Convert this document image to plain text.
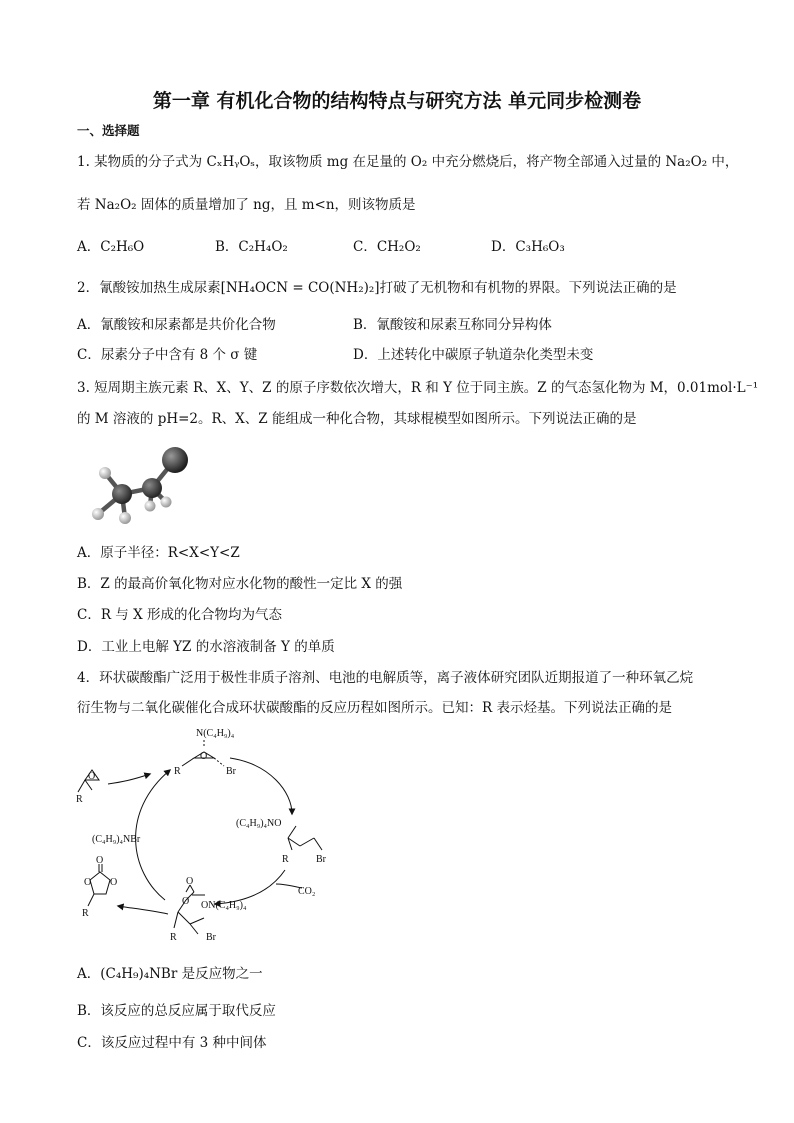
第一章 有机化合物的结构特点与研究方法 单元同步检测卷
一、选择题
1. 某物质的分子式为 CₓHᵧOₛ，取该物质 mg 在足量的 O₂ 中充分燃烧后，将产物全部通入过量的 Na₂O₂ 中，
若 Na₂O₂ 固体的质量增加了 ng，且 m<n，则该物质是
A．C₂H₆O	B．C₂H₄O₂	C．CH₂O₂	D．C₃H₆O₃
2．氰酸铵加热生成尿素[NH₄OCN = CO(NH₂)₂]打破了无机物和有机物的界限。下列说法正确的是
A．氰酸铵和尿素都是共价化合物	B．氰酸铵和尿素互称同分异构体
C．尿素分子中含有 8 个 σ 键	D．上述转化中碳原子轨道杂化类型未变
3. 短周期主族元素 R、X、Y、Z 的原子序数依次增大，R 和 Y 位于同主族。Z 的气态氢化物为 M，0.01mol·L⁻¹
的 M 溶液的 pH=2。R、X、Z 能组成一种化合物，其球棍模型如图所示。下列说法正确的是
A．原子半径：R<X<Y<Z
B．Z 的最高价氧化物对应水化物的酸性一定比 X 的强
C．R 与 X 形成的化合物均为气态
D．工业上电解 YZ 的水溶液制备 Y 的单质
4．环状碳酸酯广泛用于极性非质子溶剂、电池的电解质等，离子液体研究团队近期报道了一种环氧乙烷
衍生物与二氧化碳催化合成环状碳酸酯的反应历程如图所示。已知：R 表示烃基。下列说法正确的是
N(C₄H₉)₄
O
R	Br
R
O
(C₄H₉)₄NO
R	Br
CO₂
(C₄H₉)₄NBr
O
O ON(C₄H₉)₄
R	Br
O
O O
R
A．(C₄H₉)₄NBr 是反应物之一
B．该反应的总反应属于取代反应
C．该反应过程中有 3 种中间体
